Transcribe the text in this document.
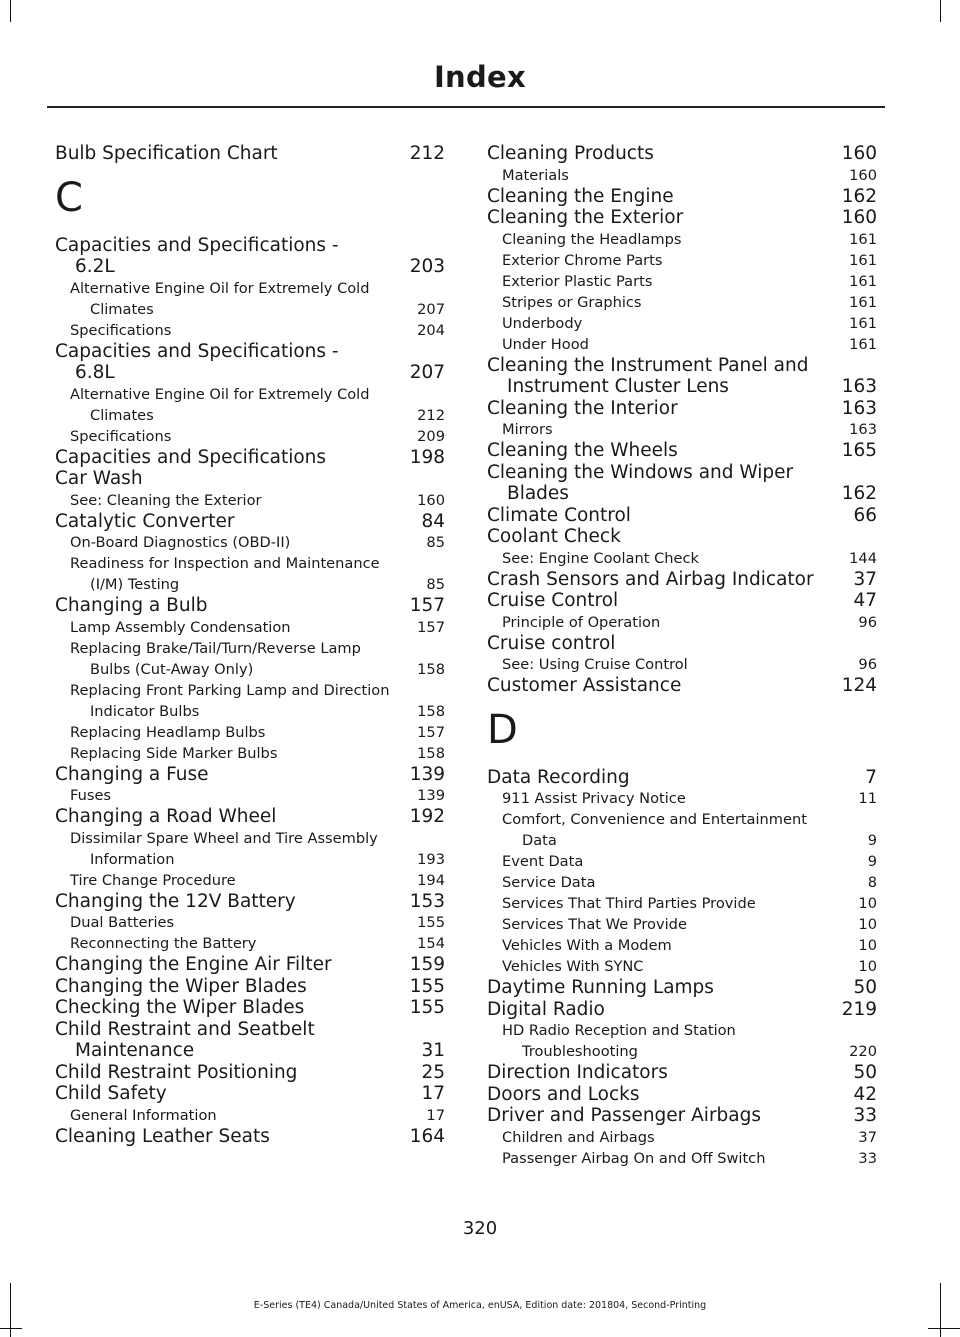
Index
Bulb Specification Chart	212
C
Capacities and Specifications -
6.2L	203
Alternative Engine Oil for Extremely Cold
Climates	207
Specifications	204
Capacities and Specifications -
6.8L	207
Alternative Engine Oil for Extremely Cold
Climates	212
Specifications	209
Capacities and Specifications	198
Car Wash
See: Cleaning the Exterior	160
Catalytic Converter	84
On-Board Diagnostics (OBD-II)	85
Readiness for Inspection and Maintenance
(I/M) Testing	85
Changing a Bulb	157
Lamp Assembly Condensation	157
Replacing Brake/Tail/Turn/Reverse Lamp
Bulbs (Cut-Away Only)	158
Replacing Front Parking Lamp and Direction
Indicator Bulbs	158
Replacing Headlamp Bulbs	157
Replacing Side Marker Bulbs	158
Changing a Fuse	139
Fuses	139
Changing a Road Wheel	192
Dissimilar Spare Wheel and Tire Assembly
Information	193
Tire Change Procedure	194
Changing the 12V Battery	153
Dual Batteries	155
Reconnecting the Battery	154
Changing the Engine Air Filter	159
Changing the Wiper Blades	155
Checking the Wiper Blades	155
Child Restraint and Seatbelt
Maintenance	31
Child Restraint Positioning	25
Child Safety	17
General Information	17
Cleaning Leather Seats	164
Cleaning Products	160
Materials	160
Cleaning the Engine	162
Cleaning the Exterior	160
Cleaning the Headlamps	161
Exterior Chrome Parts	161
Exterior Plastic Parts	161
Stripes or Graphics	161
Underbody	161
Under Hood	161
Cleaning the Instrument Panel and
Instrument Cluster Lens	163
Cleaning the Interior	163
Mirrors	163
Cleaning the Wheels	165
Cleaning the Windows and Wiper
Blades	162
Climate Control	66
Coolant Check
See: Engine Coolant Check	144
Crash Sensors and Airbag Indicator 37
Cruise Control	47
Principle of Operation	96
Cruise control
See: Using Cruise Control	96
Customer Assistance	124
D
Data Recording	7
911 Assist Privacy Notice	11
Comfort, Convenience and Entertainment
Data	9
Event Data	9
Service Data	8
Services That Third Parties Provide	10
Services That We Provide	10
Vehicles With a Modem	10
Vehicles With SYNC	10
Daytime Running Lamps	50
Digital Radio	219
HD Radio Reception and Station
Troubleshooting	220
Direction Indicators	50
Doors and Locks	42
Driver and Passenger Airbags	33
Children and Airbags	37
Passenger Airbag On and Off Switch	33
320
E-Series (TE4) Canada/United States of America, enUSA, Edition date: 201804, Second-Printing
